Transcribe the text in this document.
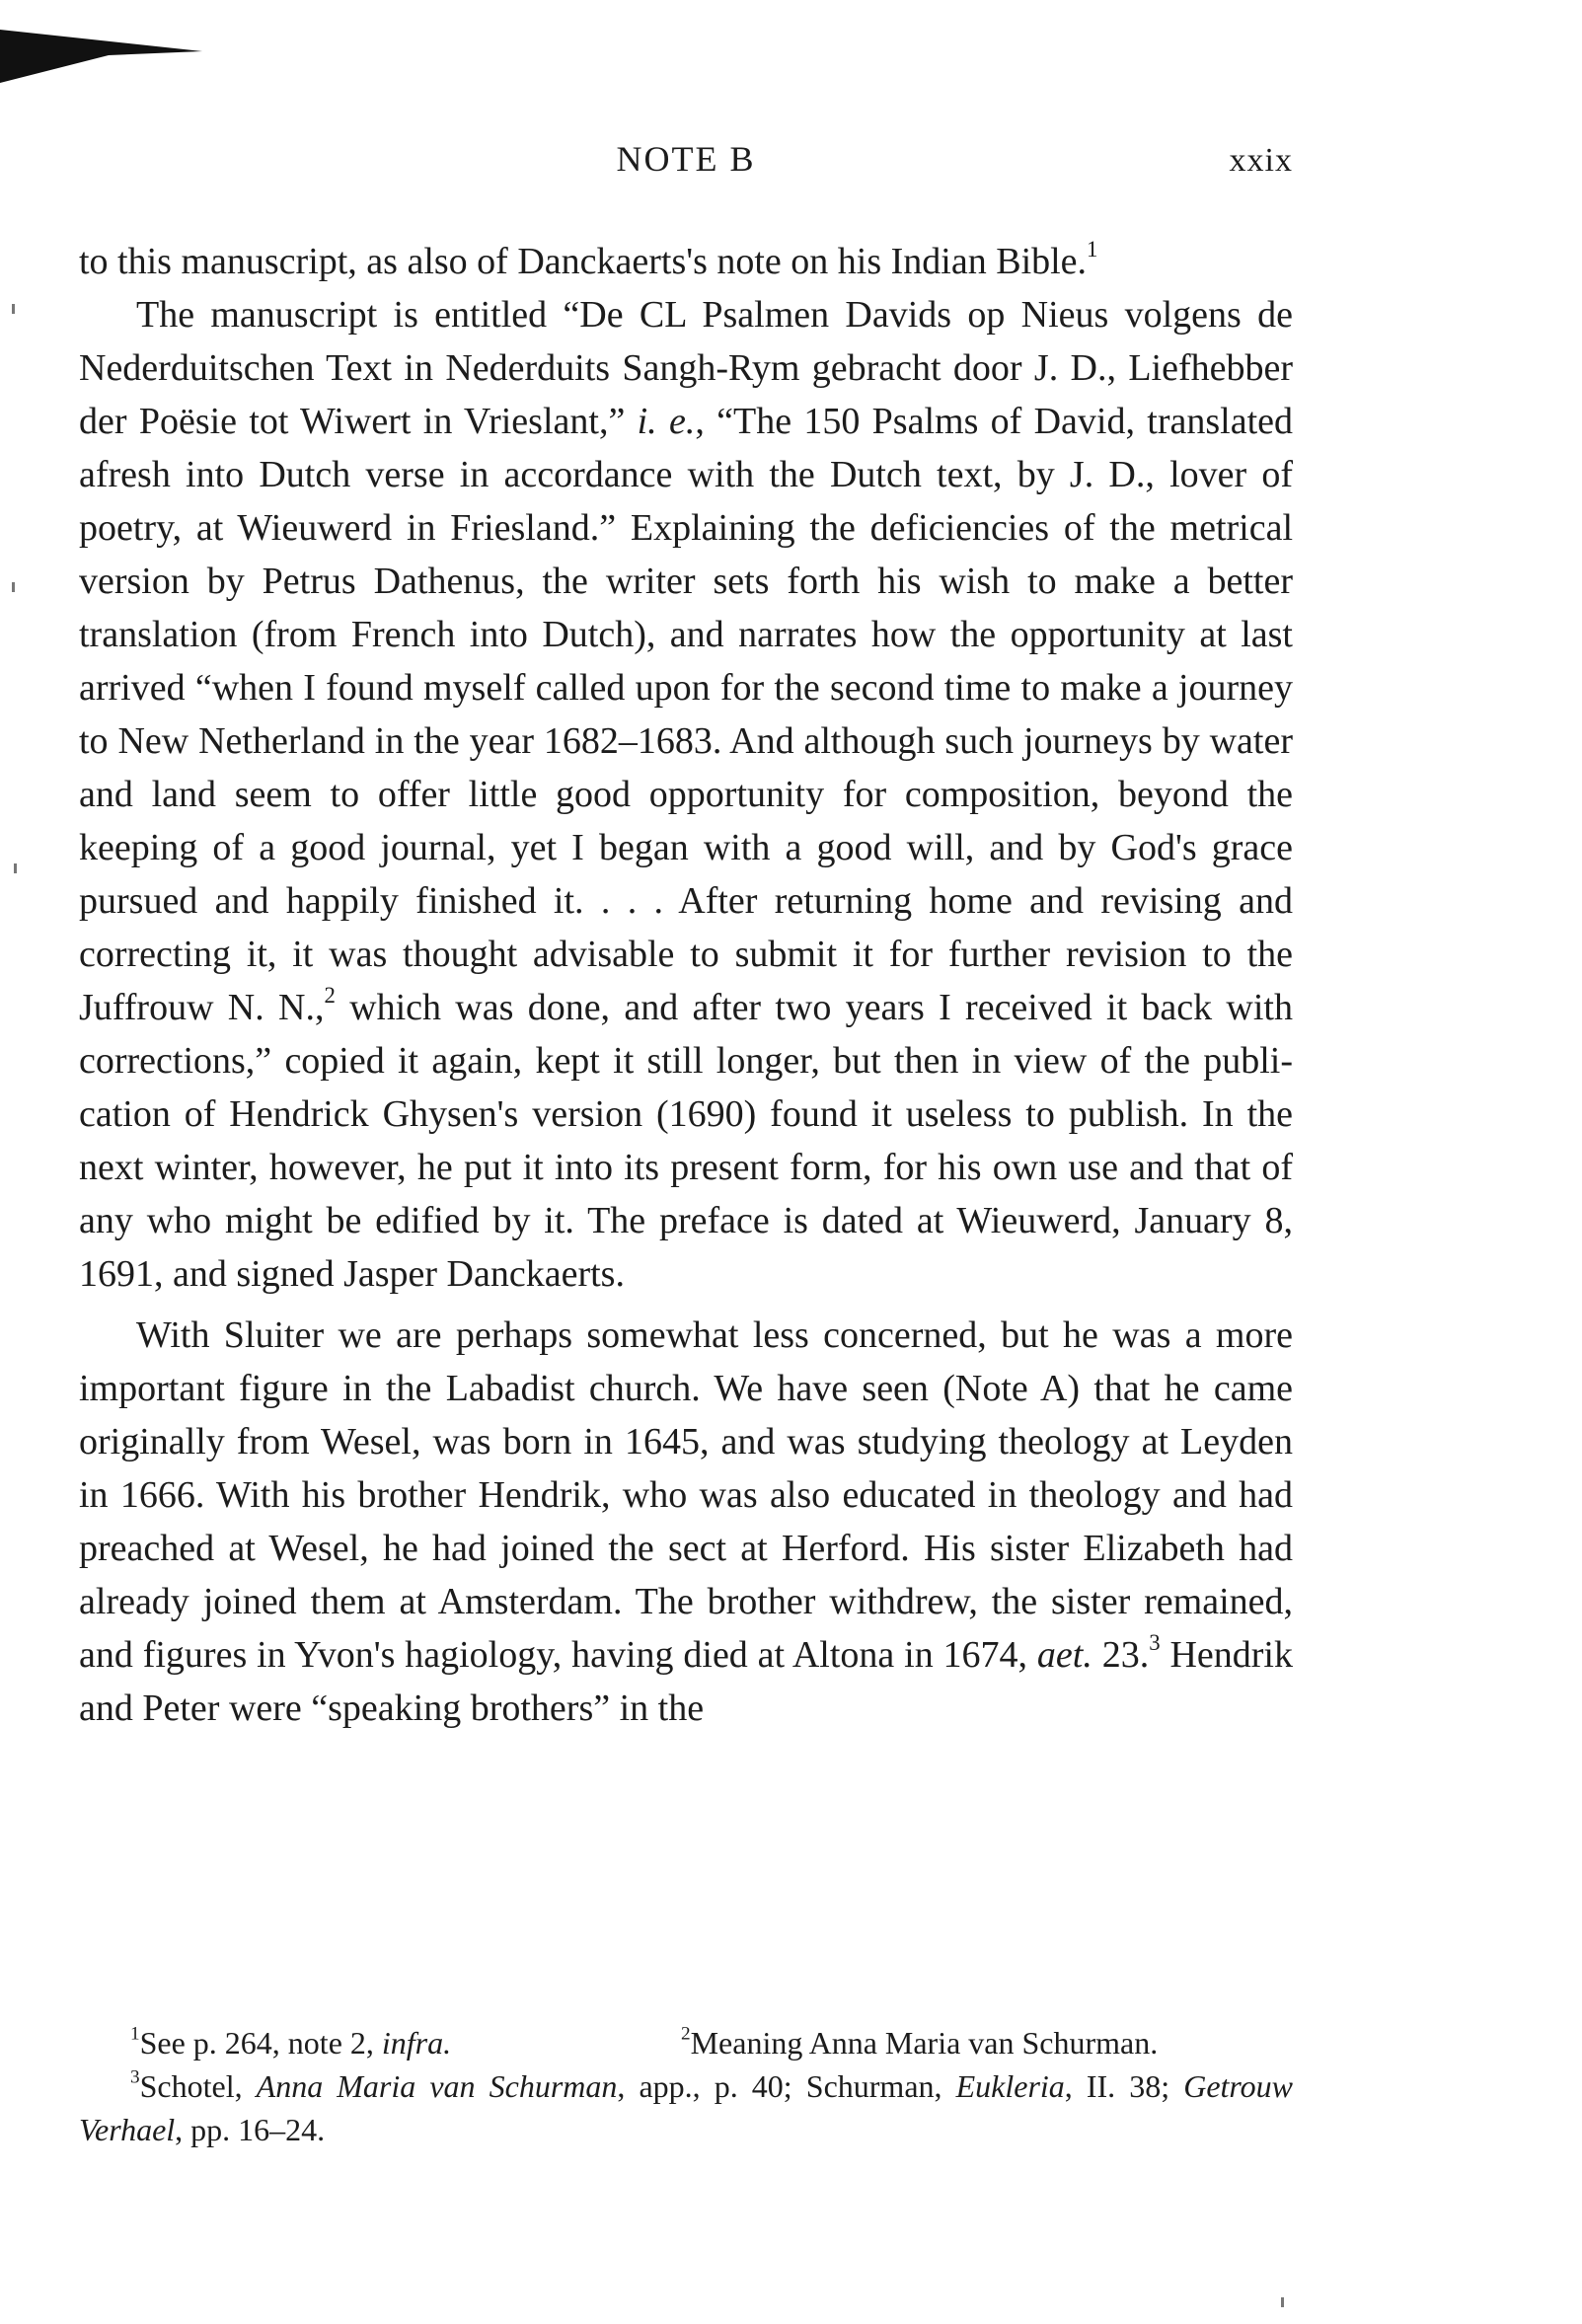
NOTE B	xxix

to this manuscript, as also of Danckaerts's note on his Indian Bible.$^1$

The manuscript is entitled “De CL Psalmen Davids op Nieus volgens de Nederduitschen Text in Nederduits Sangh-Rym gebracht door J. D., Liefhebber der Poësie tot Wiwert in Vrieslant,” i. e., “The 150 Psalms of David, translated afresh into Dutch verse in accordance with the Dutch text, by J. D., lover of poetry, at Wieuwerd in Friesland.” Explaining the deficiencies of the metrical version by Petrus Dathenus, the writer sets forth his wish to make a better translation (from French into Dutch), and narrates how the opportunity at last arrived “when I found myself called upon for the second time to make a journey to New Netherland in the year 1682–1683. And although such journeys by water and land seem to offer little good opportunity for composition, beyond the keeping of a good journal, yet I began with a good will, and by God's grace pursued and happily finished it. . . . After returning home and revising and correcting it, it was thought advisable to submit it for further revision to the Juffrouw N. N.,$^2$ which was done, and after two years I received it back with corrections,” copied it again, kept it still longer, but then in view of the publication of Hendrick Ghysen's version (1690) found it useless to publish. In the next winter, however, he put it into its present form, for his own use and that of any who might be edified by it. The preface is dated at Wieuwerd, January 8, 1691, and signed Jasper Danckaerts.

With Sluiter we are perhaps somewhat less concerned, but he was a more important figure in the Labadist church. We have seen (Note A) that he came originally from Wesel, was born in 1645, and was studying theology at Leyden in 1666. With his brother Hendrik, who was also educated in theology and had preached at Wesel, he had joined the sect at Herford. His sister Elizabeth had already joined them at Amsterdam. The brother withdrew, the sister remained, and figures in Yvon's hagiology, having died at Altona in 1674, aet. 23.$^3$ Hendrik and Peter were “speaking brothers” in the

$^1$See p. 264, note 2, infra.	$^2$Meaning Anna Maria van Schurman.
$^3$Schotel, Anna Maria van Schurman, app., p. 40; Schurman, Eukleria, II. 38; Getrouw Verhael, pp. 16–24.
